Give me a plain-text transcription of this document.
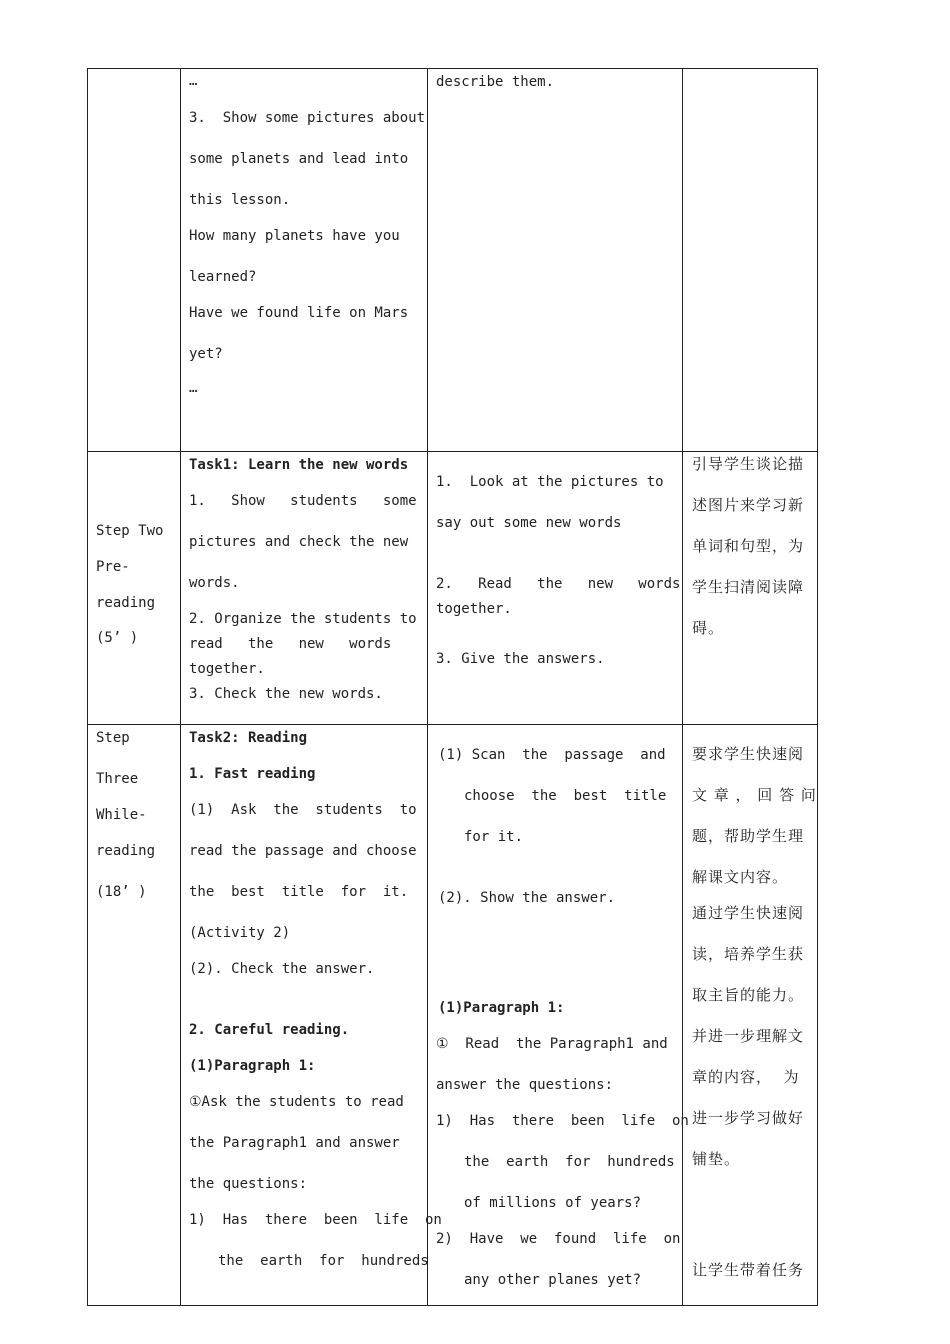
…
3.  Show some pictures about
some planets and lead into
this lesson.
How many planets have you
learned?
Have we found life on Mars
yet?
…
describe them.
Step Two
Pre-
reading
(5’ )
Task1: Learn the new words
1.   Show   students   some
pictures and check the new
words.
2. Organize the students to
read   the   new   words
together.
3. Check the new words.
1.  Look at the pictures to
say out some new words
2.   Read   the   new   words
together.
3. Give the answers.
引导学生谈论描
述图片来学习新
单词和句型，为
学生扫清阅读障
碍。
Step
Three
While-
reading
(18’ )
Task2: Reading
1. Fast reading
(1)  Ask  the  students  to
read the passage and choose
the  best  title  for  it.
(Activity 2)
(2). Check the answer.
2. Careful reading.
(1)Paragraph 1:
①Ask the students to read
the Paragraph1 and answer
the questions:
1)  Has  there  been  life  on
the  earth  for  hundreds
(1) Scan  the  passage  and
choose  the  best  title
for it.
(2). Show the answer.
(1)Paragraph 1:
①  Read  the Paragraph1 and
answer the questions:
1)  Has  there  been  life  on
the  earth  for  hundreds
of millions of years?
2)  Have  we  found  life  on
any other planes yet?
要求学生快速阅
文 章 ， 回 答 问
题，帮助学生理
解课文内容。
通过学生快速阅
读，培养学生获
取主旨的能力。
并进一步理解文
章的内容，  为
进一步学习做好
铺垫。
让学生带着任务
